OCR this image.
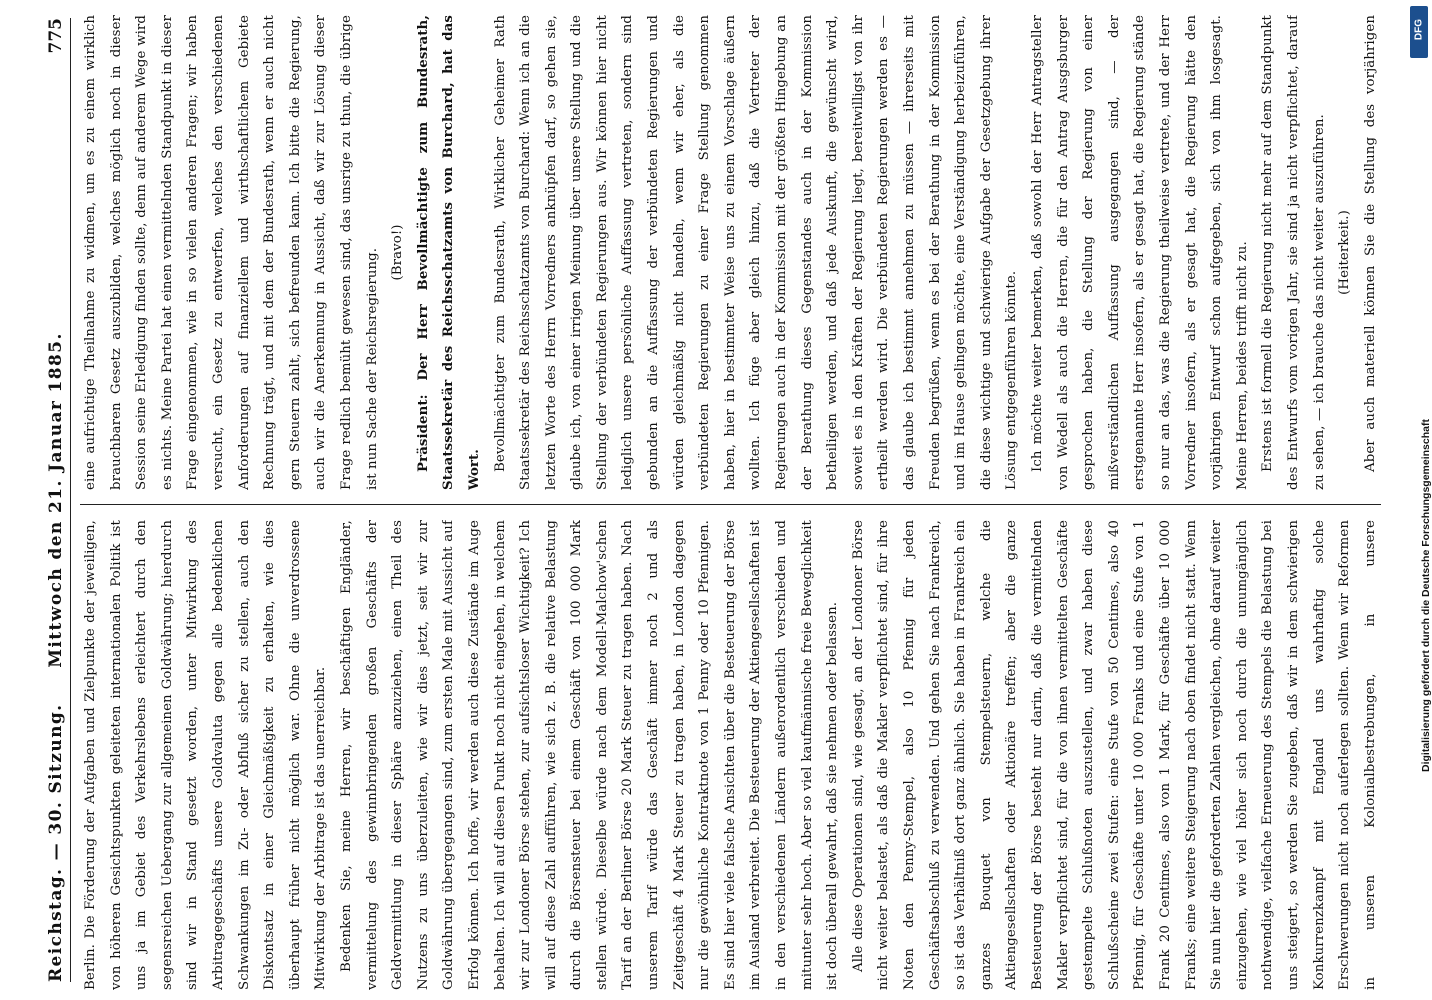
Reichstag. — 30. Sitzung.
Mittwoch den 21. Januar 1885.
775

Berlin. Die Förderung der Aufgaben und Zielpunkte der jeweiligen, von höheren Gesichtspunkten geleiteten internationalen Politik ist uns ja im Gebiet des Verkehrslebens erleichtert durch den segensreichen Uebergang zur allgemeinen Goldwährung; hierdurch sind wir in Stand gesetzt worden, unter Mitwirkung des Arbitragegeschäfts unsere Goldvaluta gegen alle bedenklichen Schwankungen im Zu- oder Abfluß sicher zu stellen, auch den Diskontsatz in einer Gleichmäßigkeit zu erhalten, wie dies überhaupt früher nicht möglich war. Ohne die unverdrossene Mitwirkung der Arbitrage ist das unerreichbar. Bedenken Sie, meine Herren, wir beschäftigen Engländer, vermittelung des gewinnbringenden großen Geschäfts der Geldvermittlung in dieser Sphäre anzuziehen, einen Theil des Nutzens zu uns überzuleiten, wie wir dies jetzt, seit wir zur Goldwährung übergegangen sind, zum ersten Male mit Aussicht auf Erfolg können. Ich hoffe, wir werden auch diese Zustände im Auge behalten. Ich will auf diesen Punkt noch nicht eingehen, in welchem wir zur Londoner Börse stehen, zur aufsichtsloser Wichtigkeit? Ich will auf diese Zahl aufführen, wie sich z. B. die relative Belastung durch die Börsensteuer bei einem Geschäft von 100 000 Mark stellen würde. Dieselbe würde nach dem Modell-Malchow'schen Tarif an der Berliner Börse 20 Mark Steuer zu tragen haben. Nach unserem Tarif würde das Geschäft immer noch 2 und als Zeitgeschäft 4 Mark Steuer zu tragen haben, in London dagegen nur die gewöhnliche Kontraktnote von 1 Penny oder 10 Pfennigen. Es sind hier viele falsche Ansichten über die Besteuerung der Börse im Ausland verbreitet. Die Besteuerung der Aktiengesellschaften ist in den verschiedenen Ländern außerordentlich verschieden und mitunter sehr hoch. Aber so viel kaufmännische freie Beweglichkeit ist doch überall gewahrt, daß sie nehmen oder belassen. Alle diese Operationen sind, wie gesagt, an der Londoner Börse nicht weiter belastet, als daß die Makler verpflichtet sind, für ihre Noten den Penny-Stempel, also 10 Pfennig für jeden Geschäftsabschluß zu verwenden. Und gehen Sie nach Frankreich, so ist das Verhältniß dort ganz ähnlich. Sie haben in Frankreich ein ganzes Bouquet von Stempelsteuern, welche die Aktiengesellschaften oder Aktionäre treffen; aber die ganze Besteuerung der Börse besteht nur darin, daß die vermittelnden Makler verpflichtet sind, für die von ihnen vermittelten Geschäfte gestempelte Schlußnoten auszustellen, und zwar haben diese Schlußscheine zwei Stufen: eine Stufe von 50 Centimes, also 40 Pfennig, für Geschäfte unter 10 000 Franks und eine Stufe von 1 Frank 20 Centimes, also von 1 Mark, für Geschäfte über 10 000 Franks; eine weitere Steigerung nach oben findet nicht statt. Wenn Sie nun hier die geforderten Zahlen vergleichen, ohne darauf weiter einzugehen, wie viel höher sich noch durch die unumgänglich nothwendige, vielfache Erneuerung des Stempels die Belastung bei uns steigert, so werden Sie zugeben, daß wir in dem schwierigen Konkurrenzkampf mit England uns wahrhaftig solche Erschwerungen nicht noch auferlegen sollten. Wenn wir Reformen in unseren Kolonialbestrebungen, in unsere

eine aufrichtige Theilnahme zu widmen, um es zu einem wirklich brauchbaren Gesetz auszubilden, welches möglich noch in dieser Session seine Erledigung finden sollte, denn auf anderem Wege wird es nichts. Meine Partei hat einen vermittelnden Standpunkt in dieser Frage eingenommen, wie in so vielen anderen Fragen; wir haben versucht, ein Gesetz zu entwerfen, welches den verschiedenen Anforderungen auf finanziellem und wirthschaftlichem Gebiete Rechnung trägt, und mit dem der Bundesrath, wenn er auch nicht gern Steuern zahlt, sich befreunden kann. Ich bitte die Regierung, auch wir die Anerkennung in Aussicht, daß wir zur Lösung dieser Frage redlich bemüht gewesen sind, das unsrige zu thun, die übrige ist nun Sache der Reichsregierung. (Bravo!) Präsident: Der Herr Bevollmächtigte zum Bundesrath, Staatssekretär des Reichsschatzamts von Burchard, hat das Wort. Bevollmächtigter zum Bundesrath, Wirklicher Geheimer Rath Staatssekretär des Reichsschatzamts von Burchard: Wenn ich an die letzten Worte des Herrn Vorredners anknüpfen darf, so gehen sie, glaube ich, von einer irrigen Meinung über unsere Stellung und die Stellung der verbündeten Regierungen aus. Wir können hier nicht lediglich unsere persönliche Auffassung vertreten, sondern sind gebunden an die Auffassung der verbündeten Regierungen und würden gleichmäßig nicht handeln, wenn wir eher, als die verbündeten Regierungen zu einer Frage Stellung genommen haben, hier in bestimmter Weise uns zu einem Vorschlage äußern wollten. Ich füge aber gleich hinzu, daß die Vertreter der Regierungen auch in der Kommission mit der größten Hingebung an der Berathung dieses Gegenstandes auch in der Kommission betheiligen werden, und daß jede Auskunft, die gewünscht wird, soweit es in den Kräften der Regierung liegt, bereitwilligst von ihr ertheilt werden wird. Die verbündeten Regierungen werden es — das glaube ich bestimmt annehmen zu müssen — ihrerseits mit Freuden begrüßen, wenn es bei der Berathung in der Kommission und im Hause gelingen möchte, eine Verständigung herbeizuführen, die diese wichtige und schwierige Aufgabe der Gesetzgebung ihrer Lösung entgegenführen könnte. Ich möchte weiter bemerken, daß sowohl der Herr Antragsteller von Wedell als auch die Herren, die für den Antrag Ausgsburger gesprochen haben, die Stellung der Regierung von einer mißverständlichen Auffassung ausgegangen sind, — der erstgenannte Herr insofern, als er gesagt hat, die Regierung stände so nur an das, was die Regierung theilweise vertrete, und der Herr Vorredner insofern, als er gesagt hat, die Regierung hätte den vorjährigen Entwurf schon aufgegeben, sich von ihm losgesagt. Meine Herren, beides trifft nicht zu. Erstens ist formell die Regierung nicht mehr auf dem Standpunkt des Entwurfs vom vorigen Jahr, sie sind ja nicht verpflichtet, darauf zu sehen, — ich brauche das nicht weiter auszuführen. (Heiterkeit.)

Aber auch materiell können Sie die Stellung des vorjährigen

Digitalisierung gefördert durch die Deutsche Forschungsgemeinschaft
DFG
